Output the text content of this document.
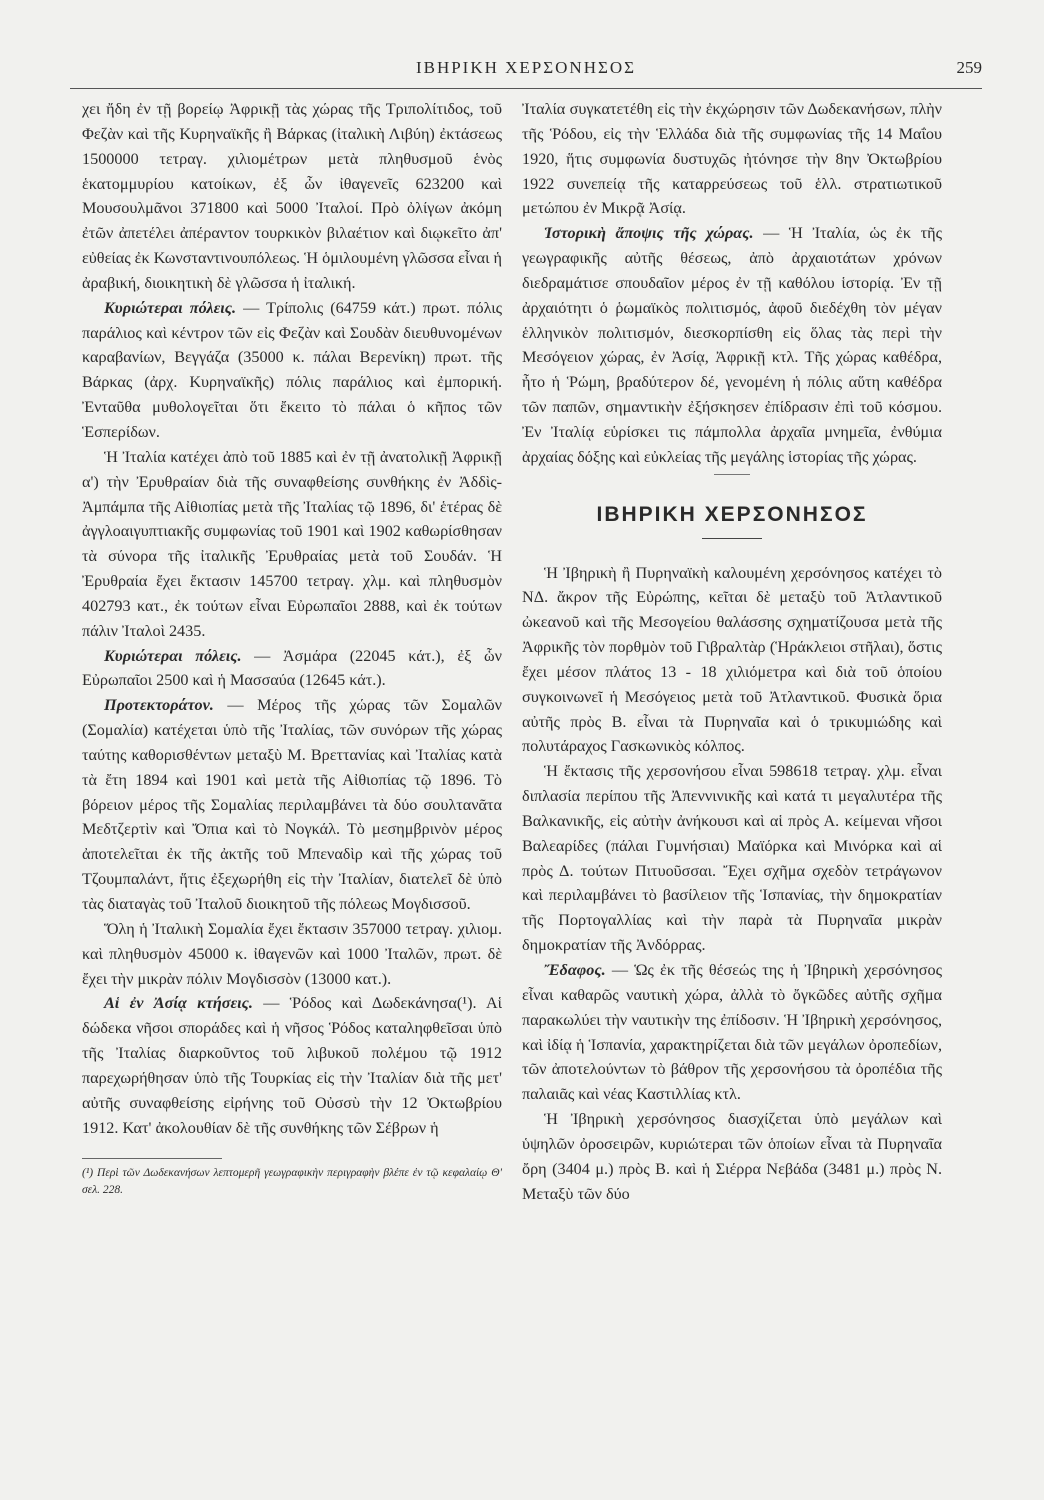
ΙΒΗΡΙΚΗ ΧΕΡΣΟΝΗΣΟΣ	259

χει ἤδη ἐν τῇ βορείῳ Ἀφρικῇ τὰς χώρας τῆς Τριπολίτιδος, τοῦ Φεζὰν καὶ τῆς Κυρηναϊκῆς ἢ Βάρκας (ἰταλικὴ Λιβύη) ἐκτάσεως 1500000 τετραγ. χιλιομέτρων μετὰ πληθυσμοῦ ἑνὸς ἑκατομμυρίου κατοίκων, ἐξ ὧν ἰθαγενεῖς 623200 καὶ Μουσουλμᾶνοι 371800 καὶ 5000 Ἰταλοί. Πρὸ ὀλίγων ἀκόμη ἐτῶν ἀπετέλει ἀπέραντον τουρκικὸν βιλαέτιον καὶ διῳκεῖτο ἀπ' εὐθείας ἐκ Κωνσταντινουπόλεως. Ἡ ὁμιλουμένη γλῶσσα εἶναι ἡ ἀραβική, διοικητικὴ δὲ γλῶσσα ἡ ἰταλική.

Κυριώτεραι πόλεις. — Τρίπολις (64759 κάτ.) πρωτ. πόλις παράλιος καὶ κέντρον τῶν εἰς Φεζὰν καὶ Σουδὰν διευθυνομένων καραβανίων, Βεγγάζα (35000 κ. πάλαι Βερενίκη) πρωτ. τῆς Βάρκας (ἀρχ. Κυρηναϊκῆς) πόλις παράλιος καὶ ἐμπορική. Ἐνταῦθα μυθολογεῖται ὅτι ἔκειτο τὸ πάλαι ὁ κῆπος τῶν Ἑσπερίδων.

Ἡ Ἰταλία κατέχει ἀπὸ τοῦ 1885 καὶ ἐν τῇ ἀνατολικῇ Ἀφρικῇ α') τὴν Ἐρυθραίαν διὰ τῆς συναφθείσης συνθήκης ἐν Ἀδδὶς-Ἀμπάμπα τῆς Αἰθιοπίας μετὰ τῆς Ἰταλίας τῷ 1896, δι' ἑτέρας δὲ ἀγγλοαιγυπτιακῆς συμφωνίας τοῦ 1901 καὶ 1902 καθωρίσθησαν τὰ σύνορα τῆς ἰταλικῆς Ἐρυθραίας μετὰ τοῦ Σουδάν. Ἡ Ἐρυθραία ἔχει ἔκτασιν 145700 τετραγ. χλμ. καὶ πληθυσμὸν 402793 κατ., ἐκ τούτων εἶναι Εὐρωπαῖοι 2888, καὶ ἐκ τούτων πάλιν Ἰταλοὶ 2435.

Κυριώτεραι πόλεις. — Ἀσμάρα (22045 κάτ.), ἐξ ὧν Εὐρωπαῖοι 2500 καὶ ἡ Μασσαύα (12645 κάτ.).

Προτεκτοράτον. — Μέρος τῆς χώρας τῶν Σομαλῶν (Σομαλία) κατέχεται ὑπὸ τῆς Ἰταλίας, τῶν συνόρων τῆς χώρας ταύτης καθορισθέντων μεταξὺ Μ. Βρεττανίας καὶ Ἰταλίας κατὰ τὰ ἔτη 1894 καὶ 1901 καὶ μετὰ τῆς Αἰθιοπίας τῷ 1896. Τὸ βόρειον μέρος τῆς Σομαλίας περιλαμβάνει τὰ δύο σουλτανᾶτα Μεδτζερτὶν καὶ Ὄπια καὶ τὸ Νογκάλ. Τὸ μεσημβρινὸν μέρος ἀποτελεῖται ἐκ τῆς ἀκτῆς τοῦ Μπεναδὶρ καὶ τῆς χώρας τοῦ Τζουμπαλάντ, ἥτις ἐξεχωρήθη εἰς τὴν Ἰταλίαν, διατελεῖ δὲ ὑπὸ τὰς διαταγὰς τοῦ Ἰταλοῦ διοικητοῦ τῆς πόλεως Μογδισσοῦ.

Ὅλη ἡ Ἰταλικὴ Σομαλία ἔχει ἔκτασιν 357000 τετραγ. χιλιομ. καὶ πληθυσμὸν 45000 κ. ἰθαγενῶν καὶ 1000 Ἰταλῶν, πρωτ. δὲ ἔχει τὴν μικρὰν πόλιν Μογδισσὸν (13000 κατ.).

Αἱ ἐν Ἀσίᾳ κτήσεις. — Ῥόδος καὶ Δωδεκάνησα(¹). Αἱ δώδεκα νῆσοι σποράδες καὶ ἡ νῆσος Ῥόδος καταληφθεῖσαι ὑπὸ τῆς Ἰταλίας διαρκοῦντος τοῦ λιβυκοῦ πολέμου τῷ 1912 παρεχωρήθησαν ὑπὸ τῆς Τουρκίας εἰς τὴν Ἰταλίαν διὰ τῆς μετ' αὐτῆς συναφθείσης εἰρήνης τοῦ Οὐσσὺ τὴν 12 Ὀκτωβρίου 1912. Κατ' ἀκολουθίαν δὲ τῆς συνθήκης τῶν Σέβρων ἡ

(¹) Περὶ τῶν Δωδεκανήσων λεπτομερῆ γεωγραφικὴν περιγραφὴν βλέπε ἐν τῷ κεφαλαίῳ Θ' σελ. 228.

Ἰταλία συγκατετέθη εἰς τὴν ἐκχώρησιν τῶν Δωδεκανήσων, πλὴν τῆς Ῥόδου, εἰς τὴν Ἑλλάδα διὰ τῆς συμφωνίας τῆς 14 Μαΐου 1920, ἥτις συμφωνία δυστυχῶς ἠτόνησε τὴν 8ην Ὀκτωβρίου 1922 συνεπείᾳ τῆς καταρρεύσεως τοῦ ἑλλ. στρατιωτικοῦ μετώπου ἐν Μικρᾷ Ἀσίᾳ.

Ἱστορικὴ ἄποψις τῆς χώρας. — Ἡ Ἰταλία, ὡς ἐκ τῆς γεωγραφικῆς αὐτῆς θέσεως, ἀπὸ ἀρχαιοτάτων χρόνων διεδραμάτισε σπουδαῖον μέρος ἐν τῇ καθόλου ἱστορίᾳ. Ἐν τῇ ἀρχαιότητι ὁ ῥωμαϊκὸς πολιτισμός, ἀφοῦ διεδέχθη τὸν μέγαν ἑλληνικὸν πολιτισμόν, διεσκορπίσθη εἰς ὅλας τὰς περὶ τὴν Μεσόγειον χώρας, ἐν Ἀσίᾳ, Ἀφρικῇ κτλ. Τῆς χώρας καθέδρα, ἦτο ἡ Ῥώμη, βραδύτερον δέ, γενομένη ἡ πόλις αὕτη καθέδρα τῶν παπῶν, σημαντικὴν ἐξήσκησεν ἐπίδρασιν ἐπὶ τοῦ κόσμου. Ἐν Ἰταλίᾳ εὑρίσκει τις πάμπολλα ἀρχαῖα μνημεῖα, ἐνθύμια ἀρχαίας δόξης καὶ εὐκλείας τῆς μεγάλης ἱστορίας τῆς χώρας.

ΙΒΗΡΙΚΗ ΧΕΡΣΟΝΗΣΟΣ

Ἡ Ἰβηρικὴ ἢ Πυρηναϊκὴ καλουμένη χερσόνησος κατέχει τὸ ΝΔ. ἄκρον τῆς Εὐρώπης, κεῖται δὲ μεταξὺ τοῦ Ἀτλαντικοῦ ὠκεανοῦ καὶ τῆς Μεσογείου θαλάσσης σχηματίζουσα μετὰ τῆς Ἀφρικῆς τὸν πορθμὸν τοῦ Γιβραλτὰρ (Ἡράκλειοι στῆλαι), ὅστις ἔχει μέσον πλάτος 13 - 18 χιλιόμετρα καὶ διὰ τοῦ ὁποίου συγκοινωνεῖ ἡ Μεσόγειος μετὰ τοῦ Ἀτλαντικοῦ. Φυσικὰ ὅρια αὐτῆς πρὸς Β. εἶναι τὰ Πυρηναῖα καὶ ὁ τρικυμιώδης καὶ πολυτάραχος Γασκωνικὸς κόλπος.

Ἡ ἔκτασις τῆς χερσονήσου εἶναι 598618 τετραγ. χλμ. εἶναι διπλασία περίπου τῆς Ἀπεννινικῆς καὶ κατά τι μεγαλυτέρα τῆς Βαλκανικῆς, εἰς αὐτὴν ἀνήκουσι καὶ αἱ πρὸς Α. κείμεναι νῆσοι Βαλεαρίδες (πάλαι Γυμνήσιαι) Μαϊόρκα καὶ Μινόρκα καὶ αἱ πρὸς Δ. τούτων Πιτυοῦσσαι. Ἔχει σχῆμα σχεδὸν τετράγωνον καὶ περιλαμβάνει τὸ βασίλειον τῆς Ἱσπανίας, τὴν δημοκρατίαν τῆς Πορτογαλλίας καὶ τὴν παρὰ τὰ Πυρηναῖα μικρὰν δημοκρατίαν τῆς Ἀνδόρρας.

Ἔδαφος. — Ὡς ἐκ τῆς θέσεώς της ἡ Ἰβηρικὴ χερσόνησος εἶναι καθαρῶς ναυτικὴ χώρα, ἀλλὰ τὸ ὄγκῶδες αὐτῆς σχῆμα παρακωλύει τὴν ναυτικὴν της ἐπίδοσιν. Ἡ Ἰβηρικὴ χερσόνησος, καὶ ἰδίᾳ ἡ Ἱσπανία, χαρακτηρίζεται διὰ τῶν μεγάλων ὀροπεδίων, τῶν ἀποτελούντων τὸ βάθρον τῆς χερσονήσου τὰ ὀροπέδια τῆς παλαιᾶς καὶ νέας Καστιλλίας κτλ.

Ἡ Ἰβηρικὴ χερσόνησος διασχίζεται ὑπὸ μεγάλων καὶ ὑψηλῶν ὀροσειρῶν, κυριώτεραι τῶν ὁποίων εἶναι τὰ Πυρηναῖα ὄρη (3404 μ.) πρὸς Β. καὶ ἡ Σιέρρα Νεβάδα (3481 μ.) πρὸς Ν. Μεταξὺ τῶν δύο
